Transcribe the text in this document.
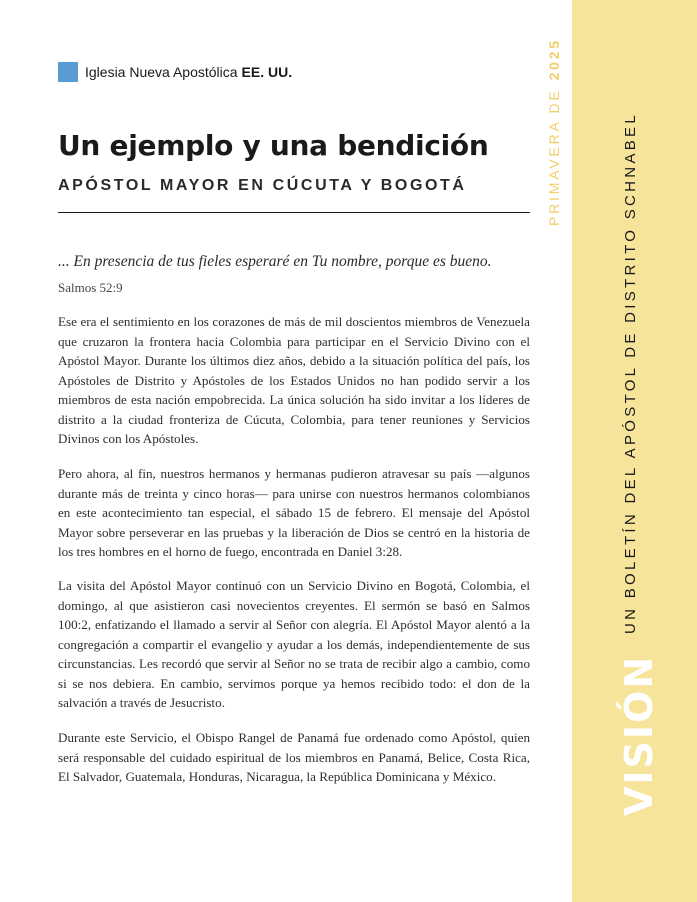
Iglesia Nueva Apostólica EE. UU.
Un ejemplo y una bendición
APÓSTOL MAYOR EN CÚCUTA Y BOGOTÁ

... En presencia de tus fieles esperaré en Tu nombre, porque es bueno.

Salmos 52:9

Ese era el sentimiento en los corazones de más de mil doscientos miembros de Venezuela que cruzaron la frontera hacia Colombia para participar en el Servicio Divino con el Apóstol Mayor. Durante los últimos diez años, debido a la situación política del país, los Apóstoles de Distrito y Apóstoles de los Estados Unidos no han podido servir a los miembros de esta nación empobrecida. La única solución ha sido invitar a los líderes de distrito a la ciudad fronteriza de Cúcuta, Colombia, para tener reuniones y Servicios Divinos con los Apóstoles.

Pero ahora, al fin, nuestros hermanos y hermanas pudieron atravesar su país —algunos durante más de treinta y cinco horas— para unirse con nuestros hermanos colombianos en este acontecimiento tan especial, el sábado 15 de febrero. El mensaje del Apóstol Mayor sobre perseverar en las pruebas y la liberación de Dios se centró en la historia de los tres hombres en el horno de fuego, encontrada en Daniel 3:28.

La visita del Apóstol Mayor continuó con un Servicio Divino en Bogotá, Colombia, el domingo, al que asistieron casi novecientos creyentes. El sermón se basó en Salmos 100:2, enfatizando el llamado a servir al Señor con alegría. El Apóstol Mayor alentó a la congregación a compartir el evangelio y ayudar a los demás, independientemente de sus circunstancias. Les recordó que servir al Señor no se trata de recibir algo a cambio, como si se nos debiera. En cambio, servimos porque ya hemos recibido todo: el don de la salvación a través de Jesucristo.

Durante este Servicio, el Obispo Rangel de Panamá fue ordenado como Apóstol, quien será responsable del cuidado espiritual de los miembros en Panamá, Belice, Costa Rica, El Salvador, Guatemala, Honduras, Nicaragua, la República Dominicana y México.

PRIMAVERA DE2025
UN BOLETÍN DEL APÓSTOL DE DISTRITO SCHNABEL
VISIÓN
